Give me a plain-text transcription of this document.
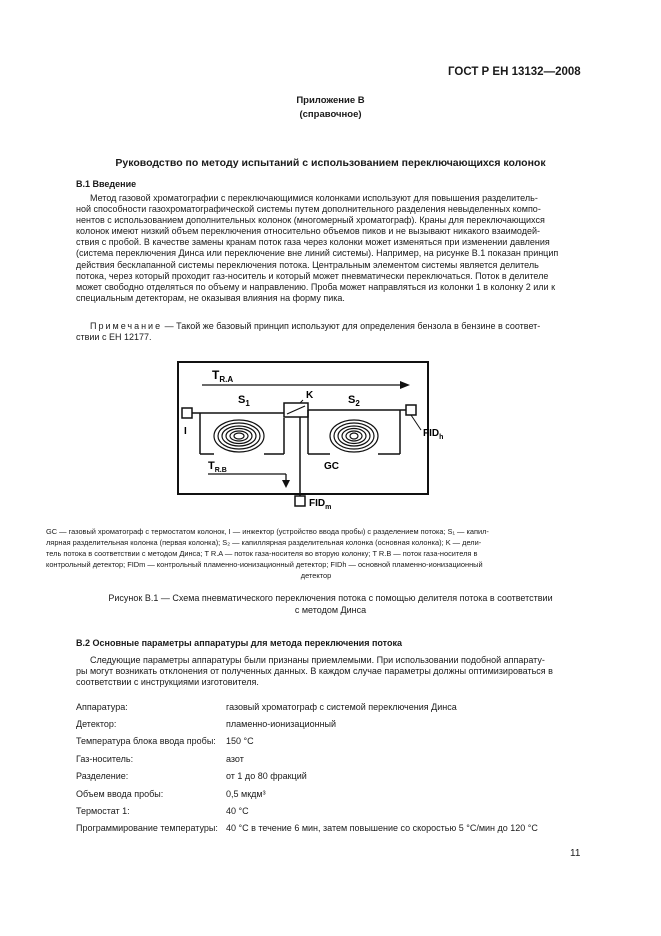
ГОСТ Р ЕН 13132—2008
Приложение В
(справочное)
Руководство по методу испытаний с использованием переключающихся колонок
В.1 Введение
Метод газовой хроматографии с переключающимися колонками используют для повышения разделитель-
ной способности газохроматографической системы путем дополнительного разделения невыделенных компо-
нентов с использованием дополнительных колонок (многомерный хроматограф). Краны для переключающихся
колонок имеют низкий объем переключения относительно объемов пиков и не вызывают никакого взаимодей-
ствия с пробой. В качестве замены кранам поток газа через колонки может изменяться при изменении давления
(система переключения Динса или переключение вне линий системы). Например, на рисунке В.1 показан принцип
действия бесклапанной системы переключения потока. Центральным элементом системы является делитель
потока, через который проходит газ-носитель и который может пневматически переключаться. Поток в делителе
может свободно отделяться по объему и направлению. Проба может направляться из колонки 1 в колонку 2 или к
специальным детекторам, не оказывая влияния на форму пика.
Примечание — Такой же базовый принцип используют для определения бензола в бензине в соответ-
ствии с ЕН 12177.
$T_{R.A}$
I
K
$S_1$	$S_2$
$FID_h$
$T_{R.B}$	GC
$FID_m$
GC — газовый хроматограф с термостатом колонок, I — инжектор (устройство ввода пробы) с разделением потока; S₁ — капил-
лярная разделительная колонка (первая колонка); S₂ — капиллярная разделительная колонка (основная колонка); K — дели-
тель потока в соответствии с методом Динса; T R.A — поток газа-носителя во вторую колонку; T R.B — поток газа-носителя в
контрольный детектор; FIDm — контрольный пламенно-ионизационный детектор; FIDh — основной пламенно-ионизационный
детектор
Рисунок В.1 — Схема пневматического переключения потока с помощью делителя потока в соответствии
с методом Динса
В.2 Основные параметры аппаратуры для метода переключения потока
Следующие параметры аппаратуры были признаны приемлемыми. При использовании подобной аппарату-
ры могут возникать отклонения от полученных данных. В каждом случае параметры должны оптимизироваться в
соответствии с инструкциями изготовителя.
Аппаратура:	газовый хроматограф с системой переключения Динса
Детектор:	пламенно-ионизационный
Температура блока ввода пробы:	150 °C
Газ-носитель:	азот
Разделение:	от 1 до 80 фракций
Объем ввода пробы:	0,5 мкдм³
Термостат 1:	40 °C
Программирование температуры: 40 °C в течение 6 мин, затем повышение со скоростью 5 °C/мин до 120 °C
11
